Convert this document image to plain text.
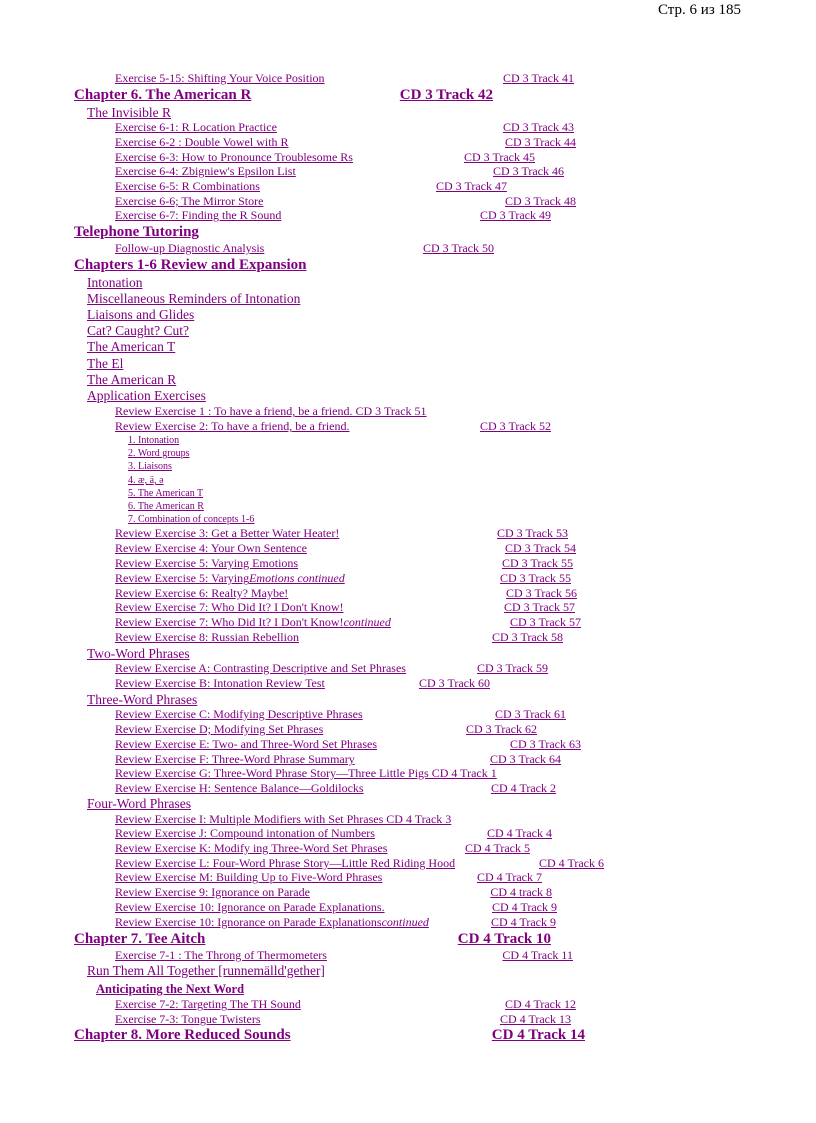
Стр. 6 из 185
Exercise 5-15: Shifting Your Voice Position	CD 3 Track 41
Chapter 6. The American R	CD 3 Track 42
The Invisible R
Exercise 6-1: R Location Practice	CD 3 Track 43
Exercise 6-2 : Double Vowel with R	CD 3 Track 44
Exercise 6-3: How to Pronounce Troublesome Rs	CD 3 Track 45
Exercise 6-4: Zbigniew's Epsilon List	CD 3 Track 46
Exercise 6-5: R Combinations	CD 3 Track 47
Exercise 6-6; The Mirror Store	CD 3 Track 48
Exercise 6-7: Finding the R Sound	CD 3 Track 49
Telephone Tutoring
Follow-up Diagnostic Analysis	CD 3 Track 50
Chapters 1-6 Review and Expansion
Intonation
Miscellaneous Reminders of Intonation
Liaisons and Glides
Cat? Caught? Cut?
The American T
The El
The American R
Application Exercises
Review Exercise 1 : To have a friend, be a friend. CD 3 Track 51
Review Exercise 2: To have a friend, be a friend.	CD 3 Track 52
1. Intonation
2. Word groups
3. Liaisons
4. æ, ä, ə
5. The American T
6. The American R
7. Combination of concepts 1-6
Review Exercise 3: Get a Better Water Heater!	CD 3 Track 53
Review Exercise 4: Your Own Sentence	CD 3 Track 54
Review Exercise 5: Varying Emotions	CD 3 Track 55
Review Exercise 5: Varying Emotions continued	CD 3 Track 55
Review Exercise 6: Realty? Maybe!	CD 3 Track 56
Review Exercise 7: Who Did It? I Don't Know!	CD 3 Track 57
Review Exercise 7: Who Did It? I Don't Know! continued	CD 3 Track 57
Review Exercise 8: Russian Rebellion	CD 3 Track 58
Two-Word Phrases
Review Exercise A: Contrasting Descriptive and Set Phrases	CD 3 Track 59
Review Exercise B: Intonation Review Test	CD 3 Track 60
Three-Word Phrases
Review Exercise C: Modifying Descriptive Phrases	CD 3 Track 61
Review Exercise D; Modifying Set Phrases	CD 3 Track 62
Review Exercise E: Two- and Three-Word Set Phrases	CD 3 Track 63
Review Exercise F: Three-Word Phrase Summary	CD 3 Track 64
Review Exercise G: Three-Word Phrase Story—Three Little Pigs CD 4 Track 1
Review Exercise H: Sentence Balance—Goldilocks	CD 4 Track 2
Four-Word Phrases
Review Exercise I: Multiple Modifiers with Set Phrases CD 4 Track 3
Review Exercise J: Compound intonation of Numbers	CD 4 Track 4
Review Exercise K: Modify ing Three-Word Set Phrases	CD 4 Track 5
Review Exercise L: Four-Word Phrase Story—Little Red Riding Hood	CD 4 Track 6
Review Exercise M: Building Up to Five-Word Phrases	CD 4 Track 7
Review Exercise 9: Ignorance on Parade	CD 4 track 8
Review Exercise 10: Ignorance on Parade Explanations.	CD 4 Track 9
Review Exercise 10: Ignorance on Parade Explanations continued	CD 4 Track 9
Chapter 7. Tee Aitch	CD 4 Track 10
Exercise 7-1 : The Throng of Thermometers	CD 4 Track 11
Run Them All Together [runnemälld'gether]
Anticipating the Next Word
Exercise 7-2: Targeting The TH Sound	CD 4 Track 12
Exercise 7-3: Tongue Twisters	CD 4 Track 13
Chapter 8. More Reduced Sounds	CD 4 Track 14
